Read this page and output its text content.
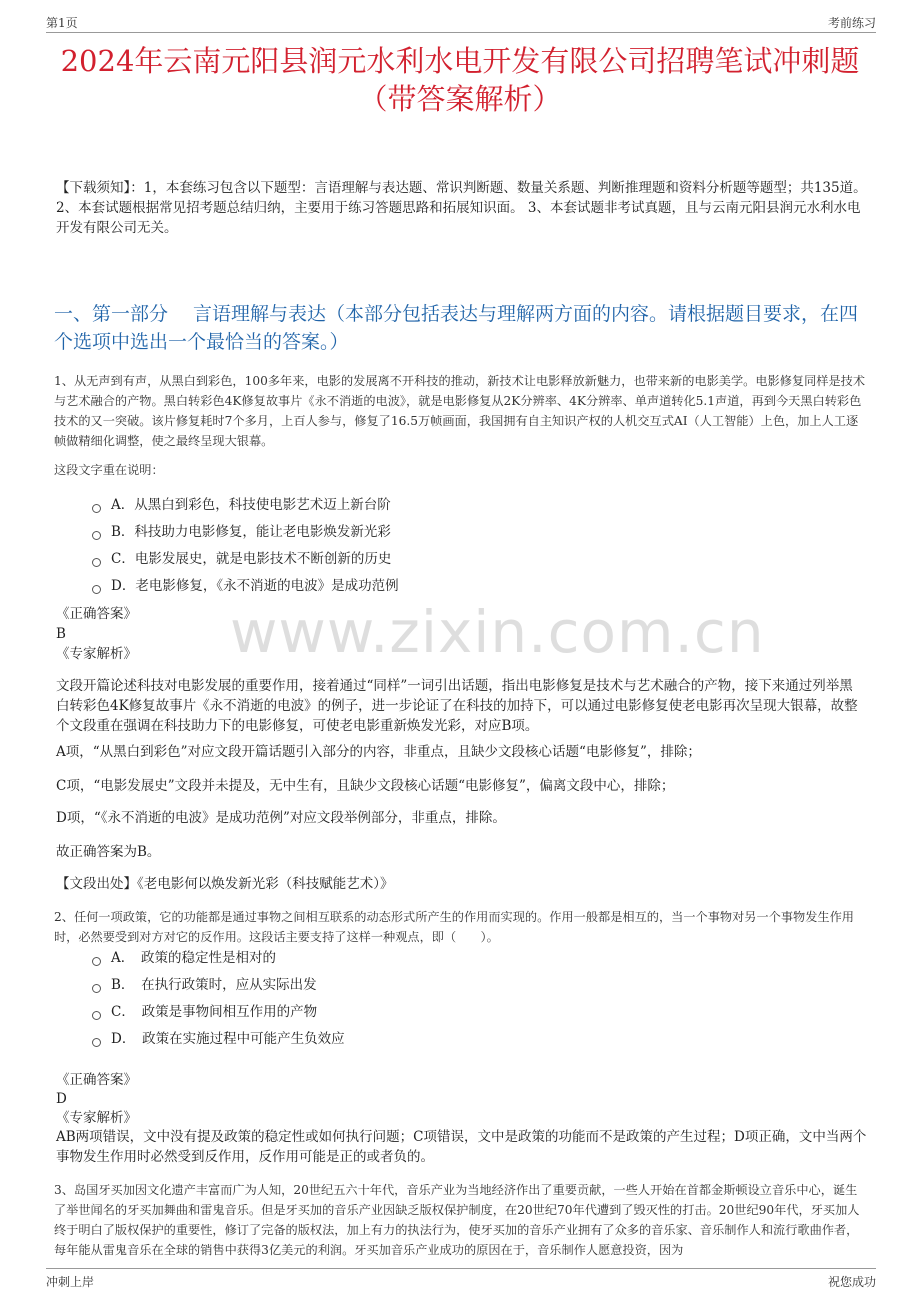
第1页	考前练习
2024年云南元阳县润元水利水电开发有限公司招聘笔试冲刺题
（带答案解析）
【下载须知】：1，本套练习包含以下题型：言语理解与表达题、常识判断题、数量关系题、判断推理题和资料分析题等题型；共135道。 2、本套试题根据常见招考题总结归纳，主要用于练习答题思路和拓展知识面。 3、本套试题非考试真题，且与云南元阳县润元水利水电开发有限公司无关。
一、第一部分　 言语理解与表达（本部分包括表达与理解两方面的内容。请根据题目要求，在四个选项中选出一个最恰当的答案。）
www.zixin.com.cn
1、从无声到有声，从黑白到彩色，100多年来，电影的发展离不开科技的推动，新技术让电影释放新魅力，也带来新的电影美学。电影修复同样是技术与艺术融合的产物。黑白转彩色4K修复故事片《永不消逝的电波》，就是电影修复从2K分辨率、4K分辨率、单声道转化5.1声道，再到今天黑白转彩色技术的又一突破。该片修复耗时7个多月，上百人参与，修复了16.5万帧画面，我国拥有自主知识产权的人机交互式AI（人工智能）上色，加上人工逐帧做精细化调整，使之最终呈现大银幕。
这段文字重在说明：
A．从黑白到彩色，科技使电影艺术迈上新台阶
B．科技助力电影修复，能让老电影焕发新光彩
C．电影发展史，就是电影技术不断创新的历史
D．老电影修复，《永不消逝的电波》是成功范例
《正确答案》
B
《专家解析》
文段开篇论述科技对电影发展的重要作用，接着通过“同样”一词引出话题，指出电影修复是技术与艺术融合的产物，接下来通过列举黑白转彩色4K修复故事片《永不消逝的电波》的例子，进一步论证了在科技的加持下，可以通过电影修复使老电影再次呈现大银幕，故整个文段重在强调在科技助力下的电影修复，可使老电影重新焕发光彩，对应B项。
A项，“从黑白到彩色”对应文段开篇话题引入部分的内容，非重点，且缺少文段核心话题“电影修复”，排除；
C项，“电影发展史”文段并未提及，无中生有，且缺少文段核心话题“电影修复”，偏离文段中心，排除；
D项，“《永不消逝的电波》是成功范例”对应文段举例部分，非重点，排除。
故正确答案为B。
【文段出处】《老电影何以焕发新光彩（科技赋能艺术）》
2、任何一项政策，它的功能都是通过事物之间相互联系的动态形式所产生的作用而实现的。作用一般都是相互的，当一个事物对另一个事物发生作用时，必然要受到对方对它的反作用。这段话主要支持了这样一种观点，即（　　）。
A．　政策的稳定性是相对的
B．　在执行政策时，应从实际出发
C．　政策是事物间相互作用的产物
D．　政策在实施过程中可能产生负效应
《正确答案》
D
《专家解析》
AB两项错误，文中没有提及政策的稳定性或如何执行问题；C项错误，文中是政策的功能而不是政策的产生过程；D项正确，文中当两个事物发生作用时必然受到反作用，反作用可能是正的或者负的。
3、岛国牙买加因文化遗产丰富而广为人知，20世纪五六十年代，音乐产业为当地经济作出了重要贡献，一些人开始在首都金斯顿设立音乐中心，诞生了举世闻名的牙买加舞曲和雷鬼音乐。但是牙买加的音乐产业因缺乏版权保护制度，在20世纪70年代遭到了毁灭性的打击。20世纪90年代，牙买加人终于明白了版权保护的重要性，修订了完备的版权法，加上有力的执法行为，使牙买加的音乐产业拥有了众多的音乐家、音乐制作人和流行歌曲作者，每年能从雷鬼音乐在全球的销售中获得3亿美元的利润。牙买加音乐产业成功的原因在于，音乐制作人愿意投资，因为
冲刺上岸	祝您成功
